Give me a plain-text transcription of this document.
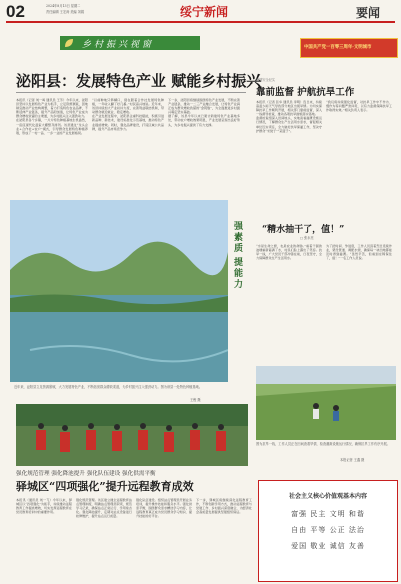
02	2024年8月13日 星期二
责任编辑 王宏涛 美编 刘娟	绥宁新闻	要闻
乡村振兴视窗	中国共产党一百零三周年·文明城市
泌阳县：发展特色产业 赋能乡村振兴

本报讯（记者 刘一鸣 通讯员 王芳）今年以来，泌阳县坚持以发展特色产业为抓手，立足资源禀赋，因地制宜推动产业结构调整，着力打造特色农业品牌，不断延伸产业链条，提升产品附加值，让特色产业成为群众增收致富的主渠道，为乡村振兴注入强劲动力。

在泌阳县各个乡镇，一片片特色种植基地生机盎然，一座座现代化温室大棚整齐排列。该县通过“龙头企业+合作社+农户”模式，引导群众发展特色种植养殖，形成了一村一品、一乡一业的产业发展格局。

“以前种地只够糊口，现在跟着合作社发展特色种植，一年收入翻了好几番。”村民高兴地说。近年来，该县持续加大产业扶持力度，完善利益联结机制，带动群众就近就业、稳定增收。

在产业发展过程中，泌阳县注重科技赋能，积极引进新品种、新技术，建设标准化示范基地，推动特色产业提质增效。同时，强化品牌建设，打造区域公共品牌，提升产品市场竞争力。

下一步，泌阳县将继续围绕特色产业发展，不断完善产业链条，推动一二三产业融合发展，让特色产业真正成为群众增收致富的“金钥匙”，为全面推进乡村振兴奠定坚实基础。

据了解，该县今年以来已累计新建特色产业基地多处，带动农户增收效果明显，产业发展呈现出良好势头，为乡村振兴提供了有力支撑。

强素质
提能力
近年来，泌阳县立足资源禀赋，大力发展特色产业，不断拓宽群众增收渠道，为乡村振兴注入强劲动力。图为该县一处特色种植基地。
王俊 摄
暑期安全纪实
靠前监督 护航抗旱工作

本报讯（记者 张华 通讯员 李明）连日来，持续高温少雨天气导致部分地区出现旱情。为切实保障抗旱工作顺利开展，相关部门靠前监督，深入一线督导检查，推动各项抗旱措施落实落地。

监督检查组深入田间地头，实地查看灌溉设施运行情况，了解群众生产生活用水需求，督促相关单位压实责任，全力做好抗旱保灌工作，坚决守护群众“米袋子”“菜篮子”。

“我们将持续强化监督，对抗旱工作中不作为、慢作为等问题严肃问责，以有力监督保障抗旱工作取得实效。”相关负责人表示。

“精水抽干了，值！”
□ 张永亮

“水是生命之源，也是农业的命脉。”看着干涸的池塘重新蓄满了水，村民们脸上露出了笑容。抗旱一线，广大党员干部冲锋在前，日夜坚守，全力保障群众生产生活用水。

为了抢时间、争进度，工作人员顶着烈日连续作业，架设管道、调配水源，确保每一块田地都能及时得到灌溉。“虽然辛苦，但看到庄稼保住了，值！”一名工作人员说。

图为抗旱一线，工作人员正在田间查看旱情，检查灌溉设施运行情况，确保抗旱工作有序开展。
本报记者 王鑫 摄
社会主义核心价值观基本内容
富强 民主 文明 和谐
自由 平等 公正 法治
爱国 敬业 诚信 友善
强化规范管理 强化降池提升 强化队伍建设 强化供需平衡
驿城区“四项强化”提升远程教育成效

本报讯（通讯员 刘一飞）今年以来，驿城区以“四项强化”为抓手，持续推动远程教育工作提质增效，切实发挥远程教育在党员教育培训中的重要作用。

强化规范管理。该区建立健全远程教育站点管理制度，明确站点管理员职责，规范学习记录，确保站点正常运行、学用常态化。强化降池提升，定期对站点设备进行检修维护，提升站点运行质量。

强化队伍建设。组织站点管理员开展业务培训，提升操作技能和服务水平。强化供需平衡，围绕群众需求精选学习内容，让远程教育真正成为党员群众学习知识、提升技能的好平台。

下一步，驿城区将继续深化远程教育工作，不断创新学用方式，推动远程教育与党建工作、乡村振兴深度融合，为经济社会高质量发展提供坚强组织保证。
